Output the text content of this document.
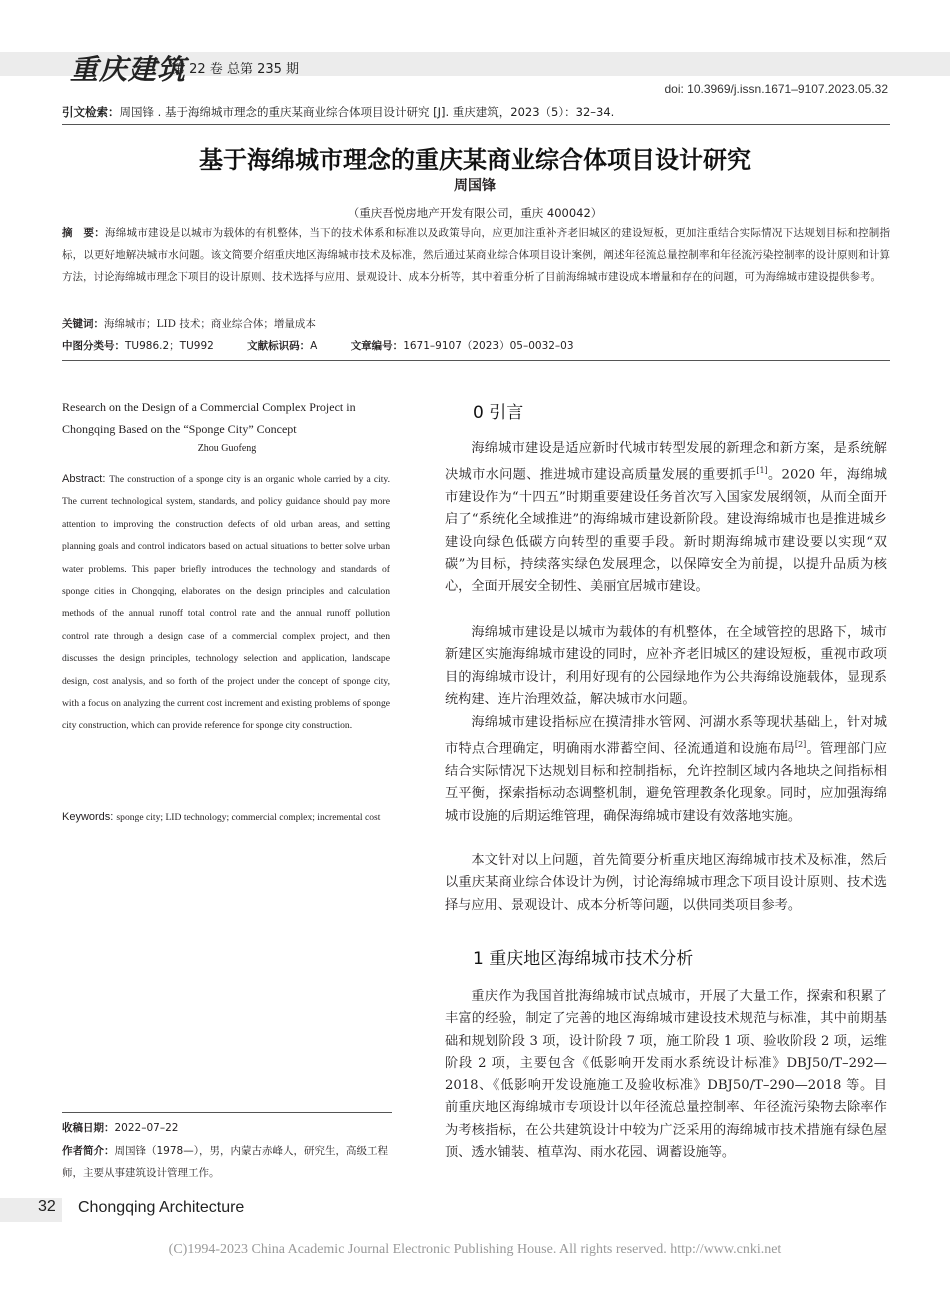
重庆建筑
第 22 卷 总第 235 期
doi: 10.3969/j.issn.1671–9107.2023.05.32
引文检索：周国锋 . 基于海绵城市理念的重庆某商业综合体项目设计研究 [J]. 重庆建筑，2023（5）：32–34.
基于海绵城市理念的重庆某商业综合体项目设计研究
周国锋
（重庆吾悦房地产开发有限公司，重庆 400042）
摘　要：海绵城市建设是以城市为载体的有机整体，当下的技术体系和标准以及政策导向，应更加注重补齐老旧城区的建设短板，更加注重结合实际情况下达规划目标和控制指标，以更好地解决城市水问题。该文简要介绍重庆地区海绵城市技术及标准，然后通过某商业综合体项目设计案例，阐述年径流总量控制率和年径流污染控制率的设计原则和计算方法，讨论海绵城市理念下项目的设计原则、技术选择与应用、景观设计、成本分析等，其中着重分析了目前海绵城市建设成本增量和存在的问题，可为海绵城市建设提供参考。
关键词：海绵城市；LID 技术；商业综合体；增量成本
中图分类号：TU986.2；TU992	文献标识码：A	文章编号：1671–9107（2023）05–0032–03
Research on the Design of a Commercial Complex Project in Chongqing Based on the “Sponge City” Concept
Zhou Guofeng
Abstract: The construction of a sponge city is an organic whole carried by a city. The current technological system, standards, and policy guidance should pay more attention to improving the construction defects of old urban areas, and setting planning goals and control indicators based on actual situations to better solve urban water problems. This paper briefly introduces the technology and standards of sponge cities in Chongqing, elaborates on the design principles and calculation methods of the annual runoff total control rate and the annual runoff pollution control rate through a design case of a commercial complex project, and then discusses the design principles, technology selection and application, landscape design, cost analysis, and so forth of the project under the concept of sponge city, with a focus on analyzing the current cost increment and existing problems of sponge city construction, which can provide reference for sponge city construction.
Keywords: sponge city; LID technology; commercial complex; incremental cost
收稿日期：2022–07–22
作者简介：周国锋（1978—），男，内蒙古赤峰人，研究生，高级工程师，主要从事建筑设计管理工作。
0 引言
海绵城市建设是适应新时代城市转型发展的新理念和新方案，是系统解决城市水问题、推进城市建设高质量发展的重要抓手[1]。2020 年，海绵城市建设作为“十四五”时期重要建设任务首次写入国家发展纲领，从而全面开启了“系统化全域推进”的海绵城市建设新阶段。建设海绵城市也是推进城乡建设向绿色低碳方向转型的重要手段。新时期海绵城市建设要以实现“双碳”为目标，持续落实绿色发展理念，以保障安全为前提，以提升品质为核心，全面开展安全韧性、美丽宜居城市建设。
海绵城市建设是以城市为载体的有机整体，在全域管控的思路下，城市新建区实施海绵城市建设的同时，应补齐老旧城区的建设短板，重视市政项目的海绵城市设计，利用好现有的公园绿地作为公共海绵设施载体，显现系统构建、连片治理效益，解决城市水问题。
海绵城市建设指标应在摸清排水管网、河湖水系等现状基础上，针对城市特点合理确定，明确雨水滞蓄空间、径流通道和设施布局[2]。管理部门应结合实际情况下达规划目标和控制指标，允许控制区域内各地块之间指标相互平衡，探索指标动态调整机制，避免管理教条化现象。同时，应加强海绵城市设施的后期运维管理，确保海绵城市建设有效落地实施。
本文针对以上问题，首先简要分析重庆地区海绵城市技术及标准，然后以重庆某商业综合体设计为例，讨论海绵城市理念下项目设计原则、技术选择与应用、景观设计、成本分析等问题，以供同类项目参考。
1 重庆地区海绵城市技术分析
重庆作为我国首批海绵城市试点城市，开展了大量工作，探索和积累了丰富的经验，制定了完善的地区海绵城市建设技术规范与标准，其中前期基础和规划阶段 3 项，设计阶段 7 项，施工阶段 1 项、验收阶段 2 项，运维阶段 2 项，主要包含《低影响开发雨水系统设计标准》DBJ50/T–292—2018、《低影响开发设施施工及验收标准》DBJ50/T–290—2018 等。目前重庆地区海绵城市专项设计以年径流总量控制率、年径流污染物去除率作为考核指标，在公共建筑设计中较为广泛采用的海绵城市技术措施有绿色屋顶、透水铺装、植草沟、雨水花园、调蓄设施等。
32 Chongqing Architecture
(C)1994-2023 China Academic Journal Electronic Publishing House. All rights reserved. http://www.cnki.net
